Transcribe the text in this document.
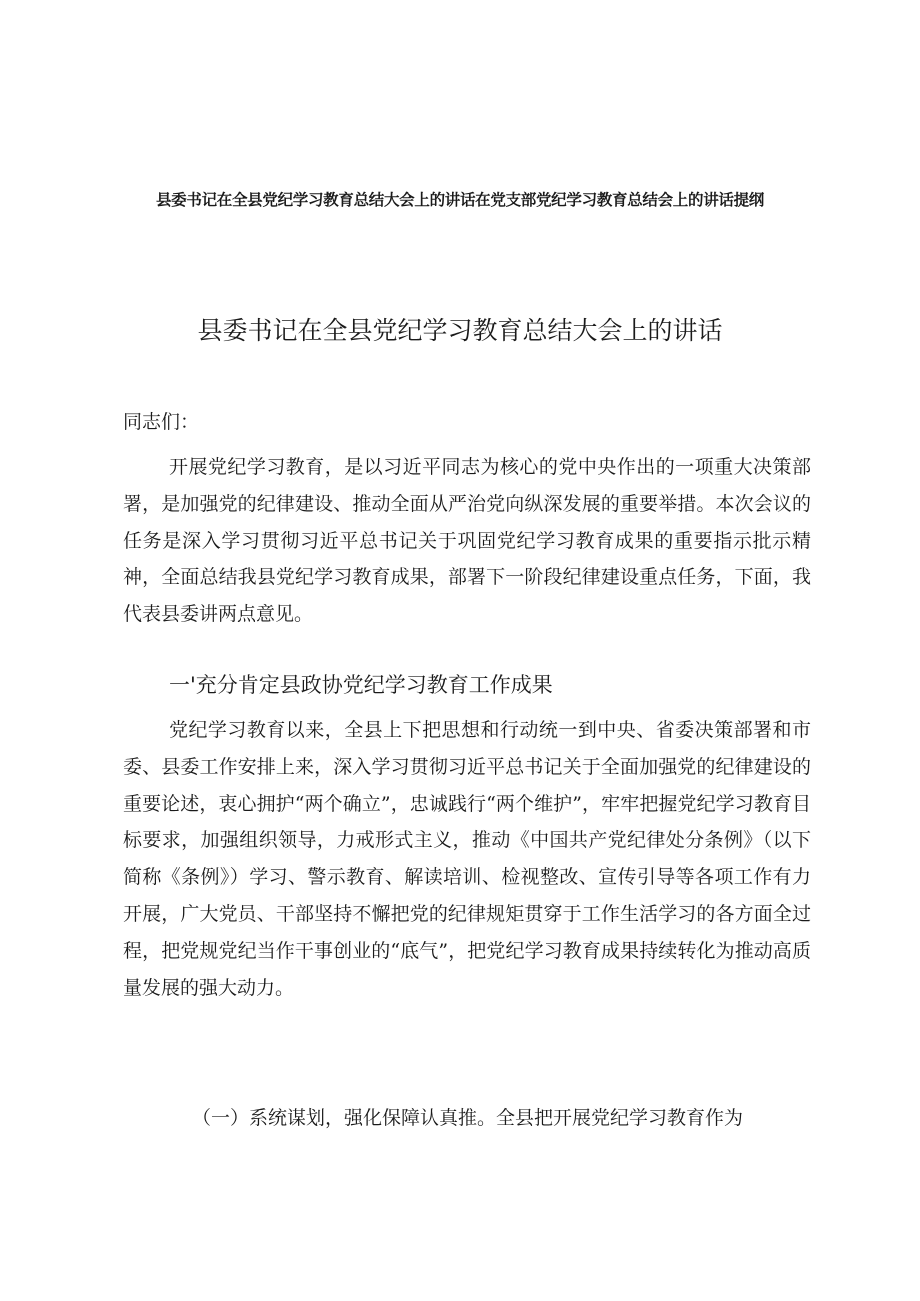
县委书记在全县党纪学习教育总结大会上的讲话在党支部党纪学习教育总结会上的讲话提纲
县委书记在全县党纪学习教育总结大会上的讲话
同志们：

开展党纪学习教育，是以习近平同志为核心的党中央作出的一项重大决策部署，是加强党的纪律建设、推动全面从严治党向纵深发展的重要举措。本次会议的任务是深入学习贯彻习近平总书记关于巩固党纪学习教育成果的重要指示批示精神，全面总结我县党纪学习教育成果，部署下一阶段纪律建设重点任务，下面，我代表县委讲两点意见。

一'充分肯定县政协党纪学习教育工作成果

党纪学习教育以来，全县上下把思想和行动统一到中央、省委决策部署和市委、县委工作安排上来，深入学习贯彻习近平总书记关于全面加强党的纪律建设的重要论述，衷心拥护“两个确立”，忠诚践行“两个维护”，牢牢把握党纪学习教育目标要求，加强组织领导，力戒形式主义，推动《中国共产党纪律处分条例》（以下简称《条例》）学习、警示教育、解读培训、检视整改、宣传引导等各项工作有力开展，广大党员、干部坚持不懈把党的纪律规矩贯穿于工作生活学习的各方面全过程，把党规党纪当作干事创业的“底气”，把党纪学习教育成果持续转化为推动高质量发展的强大动力。

（一）系统谋划，强化保障认真推。全县把开展党纪学习教育作为
